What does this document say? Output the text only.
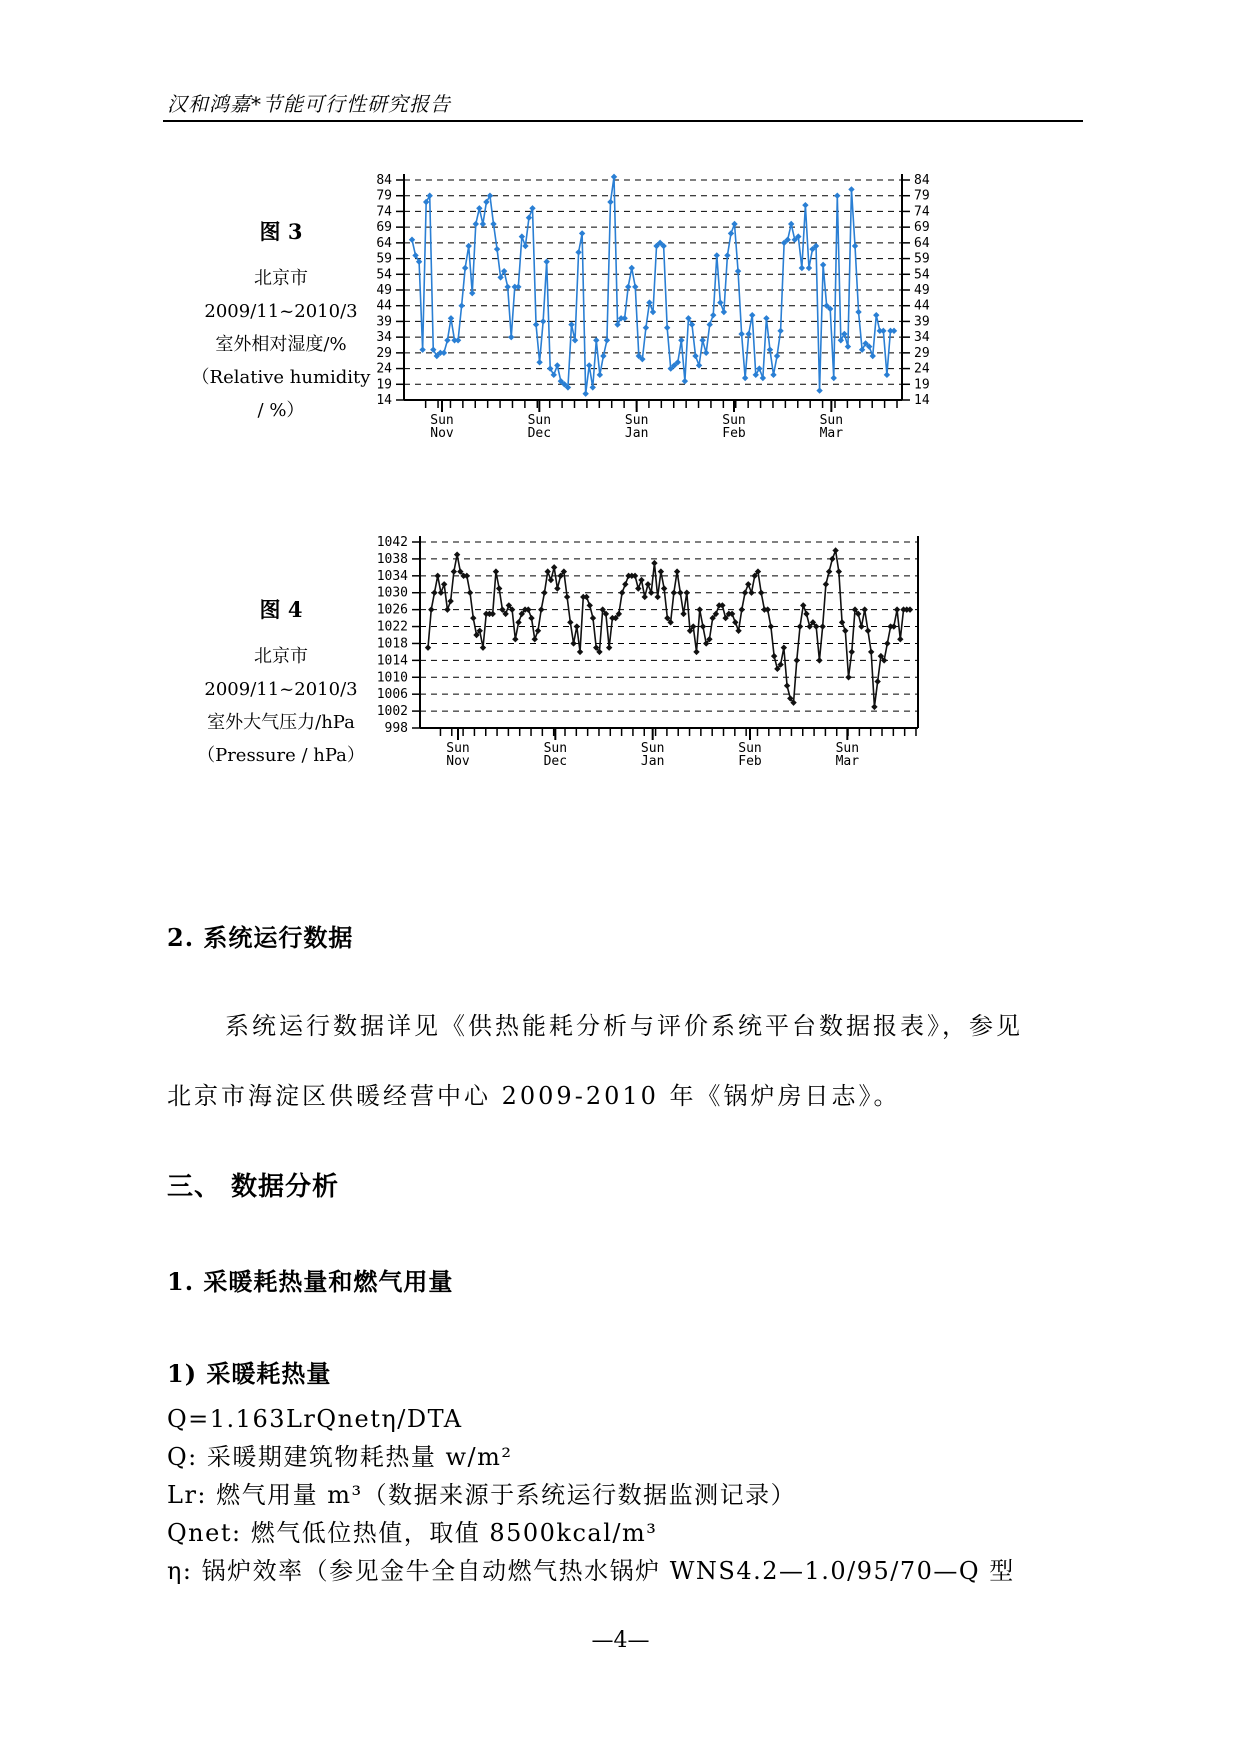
汉和鸿嘉*节能可行性研究报告
图 3
北京市
2009/11~2010/3
室外相对湿度/%
（Relative humidity
/ %）
84	84
79	79
74	74
69	69
64	64
59	59
54	54
49	49
44	44
39	39
34	34
29	29
24	24
19	19
14	14
Sun
Nov
Sun
Dec
Sun
Jan
Sun
Feb
Sun
Mar
图 4
北京市
2009/11~2010/3
室外大气压力/hPa
（Pressure / hPa）
1042
1038
1034
1030
1026
1022
1018
1014
1010
1006
1002
998
Sun
Nov
Sun
Dec
Sun
Jan
Sun
Feb
Sun
Mar
2. 系统运行数据
系统运行数据详见《供热能耗分析与评价系统平台数据报表》，参见
北京市海淀区供暖经营中心 2009-2010 年《锅炉房日志》。
三、 数据分析
1. 采暖耗热量和燃气用量
1) 采暖耗热量
Q=1.163LrQnetη/DTA
Q: 采暖期建筑物耗热量 w/m²
Lr: 燃气用量 m³（数据来源于系统运行数据监测记录）
Qnet: 燃气低位热值，取值 8500kcal/m³
η: 锅炉效率（参见金牛全自动燃气热水锅炉 WNS4.2—1.0/95/70—Q 型
—4—
